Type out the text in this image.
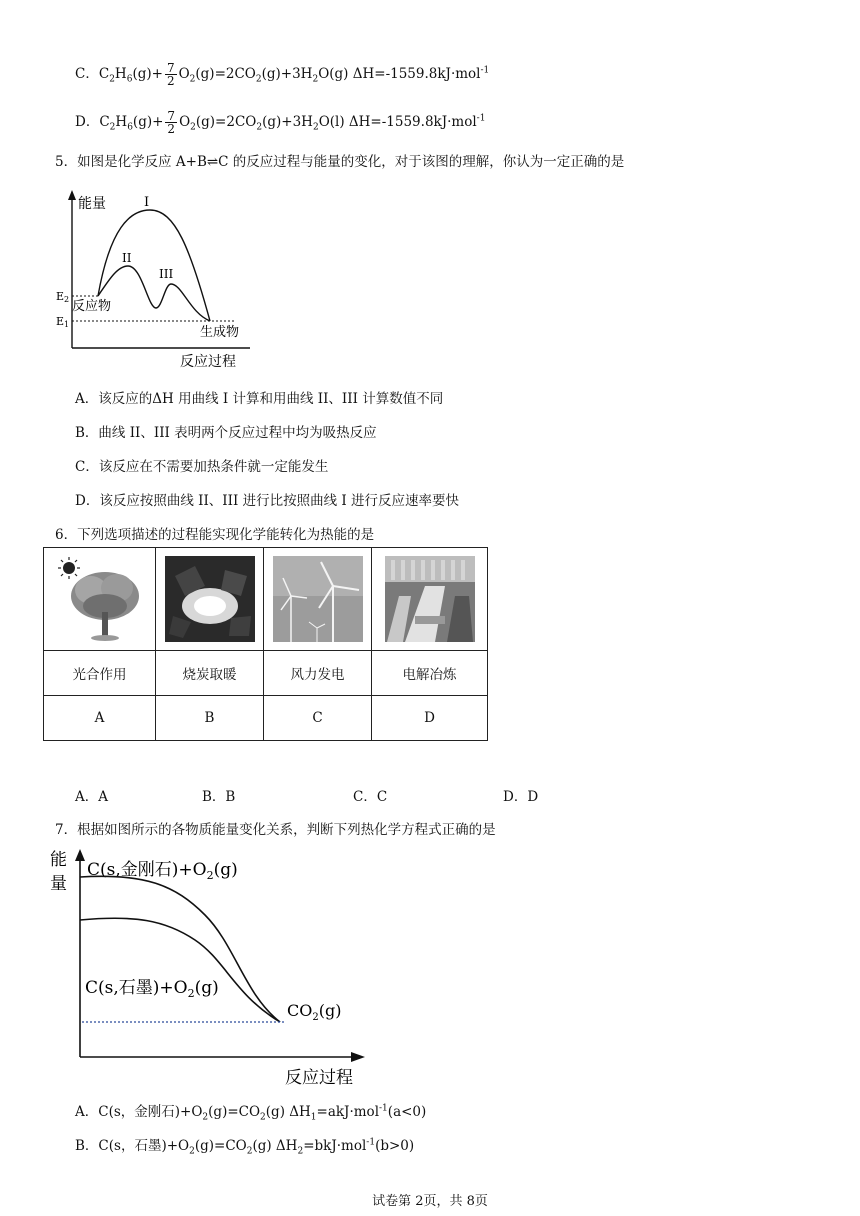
C．$C_2H_6(g)+ \frac{7}{2} O_2(g)=2CO_2(g)+3H_2O(g)$ ΔH=-1559.8kJ·mol$^{-1}$
D．$C_2H_6(g)+ \frac{7}{2} O_2(g)=2CO_2(g)+3H_2O(l)$ ΔH=-1559.8kJ·mol$^{-1}$
5．如图是化学反应 A+B⇌C 的反应过程与能量的变化，对于该图的理解，你认为一定正确的是
能量
反应过程
I
II
III
E2
E1
反应物
生成物
A．该反应的ΔH 用曲线 I 计算和用曲线 II、III 计算数值不同
B．曲线 II、III 表明两个反应过程中均为吸热反应
C．该反应在不需要加热条件就一定能发生
D．该反应按照曲线 II、III 进行比按照曲线 I 进行反应速率要快
6．下列选项描述的过程能实现化学能转化为热能的是

光合作用	烧炭取暖	风力发电	电解冶炼
A	B	C	D
A．A	B．B	C．C	D．D
7．根据如图所示的各物质能量变化关系，判断下列热化学方程式正确的是
能
量
反应过程
C(s,金刚石)$+O_2(g)$
C(s,石墨)$+O_2(g)$
$CO_2(g)$
A．C(s，金刚石)$+O_2(g)=CO_2(g)$ $\Delta H_1=akJ\cdot mol^{-1}(a<0)$
B．C(s，石墨)$+O_2(g)=CO_2(g)$ $\Delta H_2=bkJ\cdot mol^{-1}(b>0)$
试卷第 2页，共 8页
